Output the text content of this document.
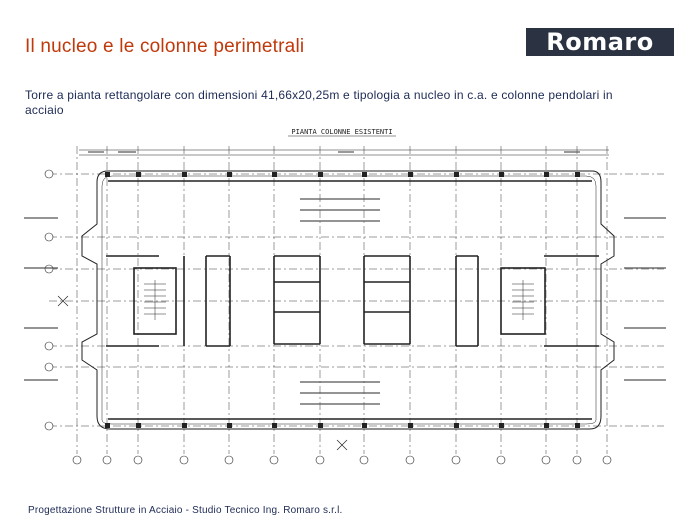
Il nucleo e le colonne perimetrali	Romaro
Torre a pianta rettangolare con dimensioni 41,66x20,25m e tipologia a nucleo in c.a. e colonne pendolari in acciaio
PIANTA COLONNE ESISTENTI
Progettazione Strutture in Acciaio - Studio Tecnico Ing. Romaro s.r.l.
